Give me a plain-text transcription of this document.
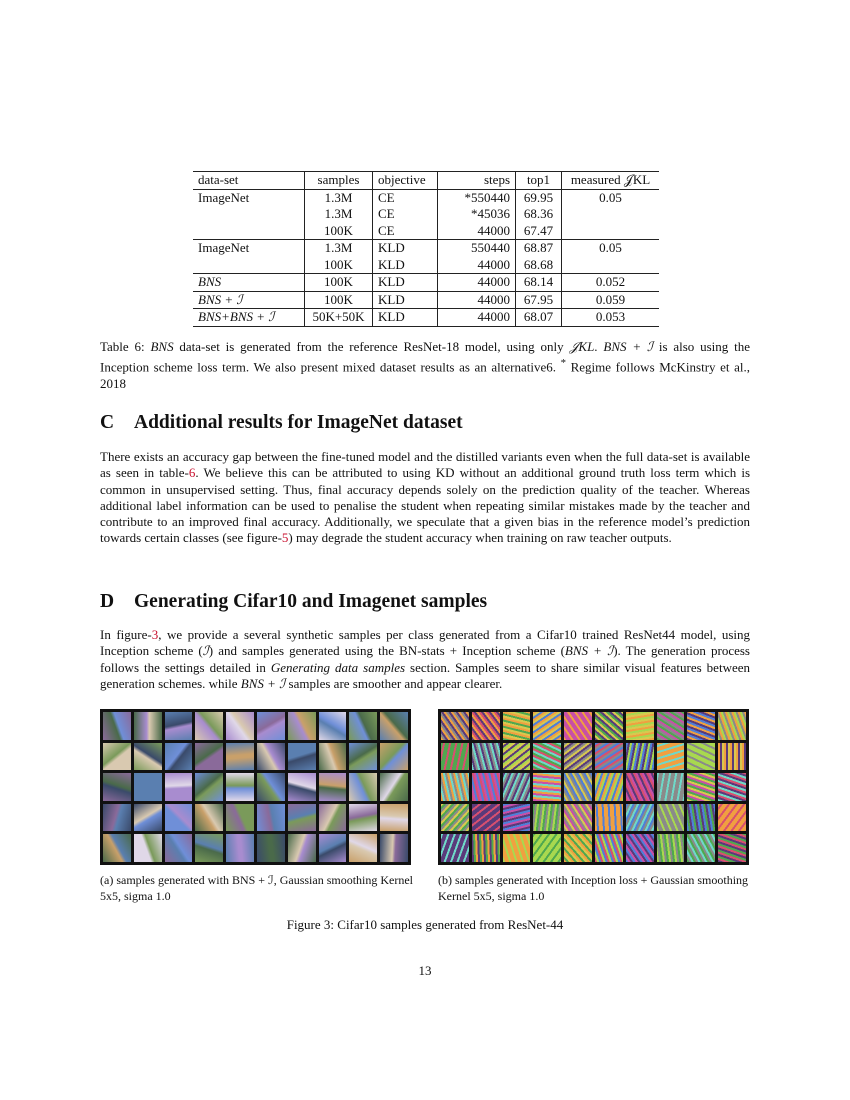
data-set	samples	objective	steps	top1	measured 𝒥KL
ImageNet	1.3M	CE	*550440	69.95	0.05
	1.3M	CE	*45036	68.36	
	100K	CE	44000	67.47	
ImageNet	1.3M	KLD	550440	68.87	0.05
	100K	KLD	44000	68.68	
BNS	100K	KLD	44000	68.14	0.052
BNS + ℐ	100K	KLD	44000	67.95	0.059
BNS+BNS + ℐ	50K+50K	KLD	44000	68.07	0.053
Table 6: BNS data-set is generated from the reference ResNet-18 model, using only 𝒥KL. BNS + ℐ is also using the Inception scheme loss term. We also present mixed dataset results as an alternative6. * Regime follows McKinstry et al., 2018
C Additional results for ImageNet dataset
There exists an accuracy gap between the fine-tuned model and the distilled variants even when the full data-set is available as seen in table-6. We believe this can be attributed to using KD without an additional ground truth loss term which is common in unsupervised setting. Thus, final accuracy depends solely on the prediction quality of the teacher. Whereas additional label information can be used to penalise the student when repeating similar mistakes made by the teacher and contribute to an improved final accuracy. Additionally, we speculate that a given bias in the reference model’s prediction towards certain classes (see figure-5) may degrade the student accuracy when training on raw teacher outputs.
D Generating Cifar10 and Imagenet samples
In figure-3, we provide a several synthetic samples per class generated from a Cifar10 trained ResNet44 model, using Inception scheme (ℐ) and samples generated using the BN-stats + Inception scheme (BNS + ℐ). The generation process follows the settings detailed in Generating data samples section. Samples seem to share similar visual features between generation schemes. while BNS + ℐ samples are smoother and appear clearer.
(a) samples generated with BNS + ℐ, Gaussian smoothing Kernel 5x5, sigma 1.0
(b) samples generated with Inception loss + Gaussian smoothing Kernel 5x5, sigma 1.0
Figure 3: Cifar10 samples generated from ResNet-44
13
